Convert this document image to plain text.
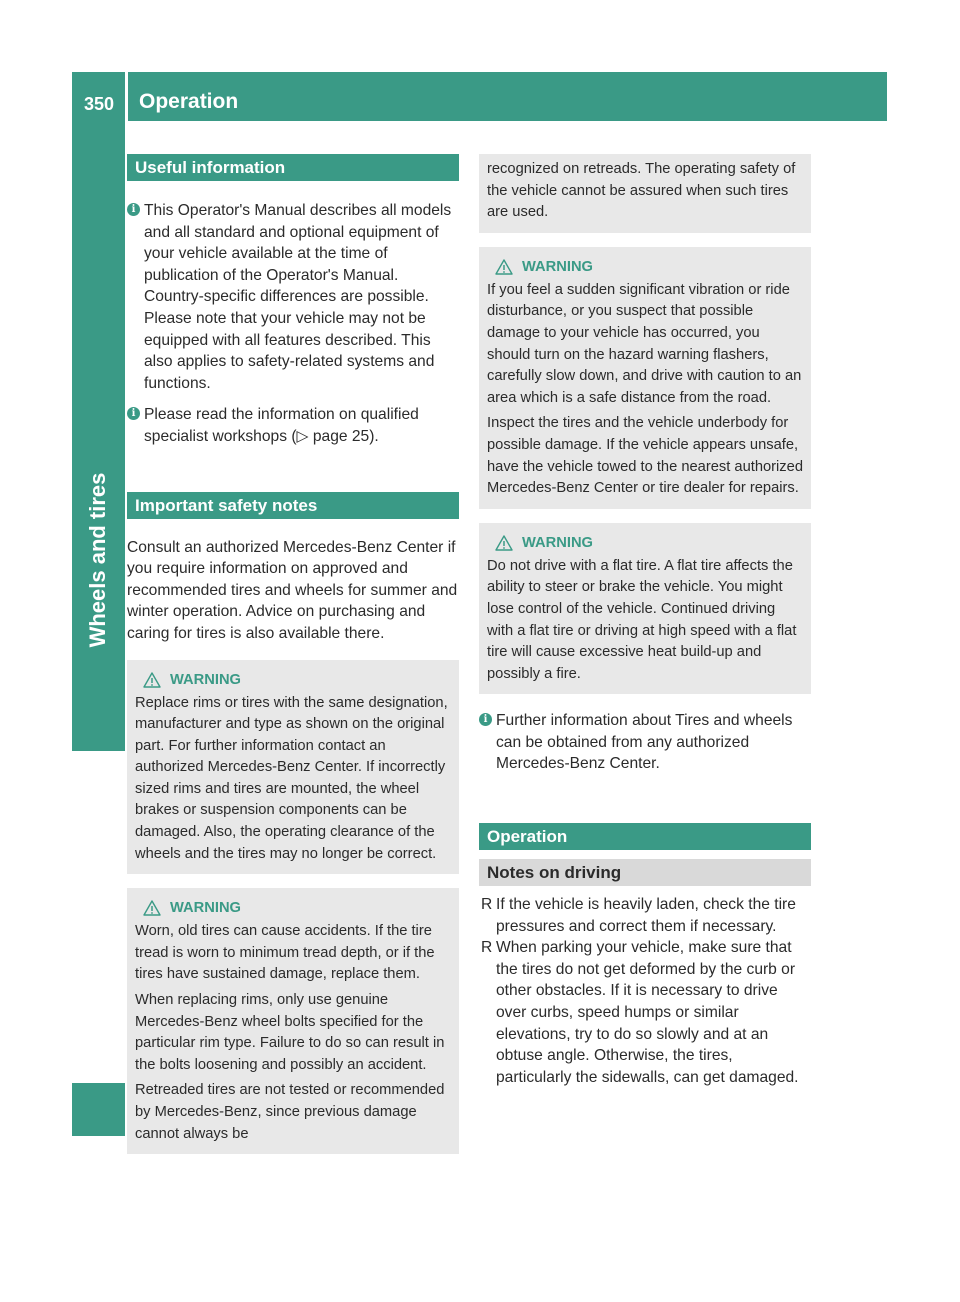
350 Operation
Wheels and tires
Useful information
i This Operator's Manual describes all models and all standard and optional equipment of your vehicle available at the time of publication of the Operator's Manual. Country-specific differences are possible. Please note that your vehicle may not be equipped with all features described. This also applies to safety-related systems and functions.

i Please read the information on qualified specialist workshops (▷ page 25).

Important safety notes

Consult an authorized Mercedes-Benz Center if you require information on approved and recommended tires and wheels for summer and winter operation. Advice on purchasing and caring for tires is also available there.

WARNING

Replace rims or tires with the same designation, manufacturer and type as shown on the original part. For further information contact an authorized Mercedes-Benz Center. If incorrectly sized rims and tires are mounted, the wheel brakes or suspension components can be damaged. Also, the operating clearance of the wheels and the tires may no longer be correct.

WARNING

Worn, old tires can cause accidents. If the tire tread is worn to minimum tread depth, or if the tires have sustained damage, replace them.

When replacing rims, only use genuine Mercedes-Benz wheel bolts specified for the particular rim type. Failure to do so can result in the bolts loosening and possibly an accident.

Retreaded tires are not tested or recommended by Mercedes-Benz, since previous damage cannot always be

recognized on retreads. The operating safety of the vehicle cannot be assured when such tires are used.

WARNING

If you feel a sudden significant vibration or ride disturbance, or you suspect that possible damage to your vehicle has occurred, you should turn on the hazard warning flashers, carefully slow down, and drive with caution to an area which is a safe distance from the road.

Inspect the tires and the vehicle underbody for possible damage. If the vehicle appears unsafe, have the vehicle towed to the nearest authorized Mercedes-Benz Center or tire dealer for repairs.

WARNING

Do not drive with a flat tire. A flat tire affects the ability to steer or brake the vehicle. You might lose control of the vehicle. Continued driving with a flat tire or driving at high speed with a flat tire will cause excessive heat build-up and possibly a fire.

i Further information about Tires and wheels can be obtained from any authorized Mercedes-Benz Center.

Operation
Notes on driving
R If the vehicle is heavily laden, check the tire pressures and correct them if necessary.
R When parking your vehicle, make sure that the tires do not get deformed by the curb or other obstacles. If it is necessary to drive over curbs, speed humps or similar elevations, try to do so slowly and at an obtuse angle. Otherwise, the tires, particularly the sidewalls, can get damaged.
